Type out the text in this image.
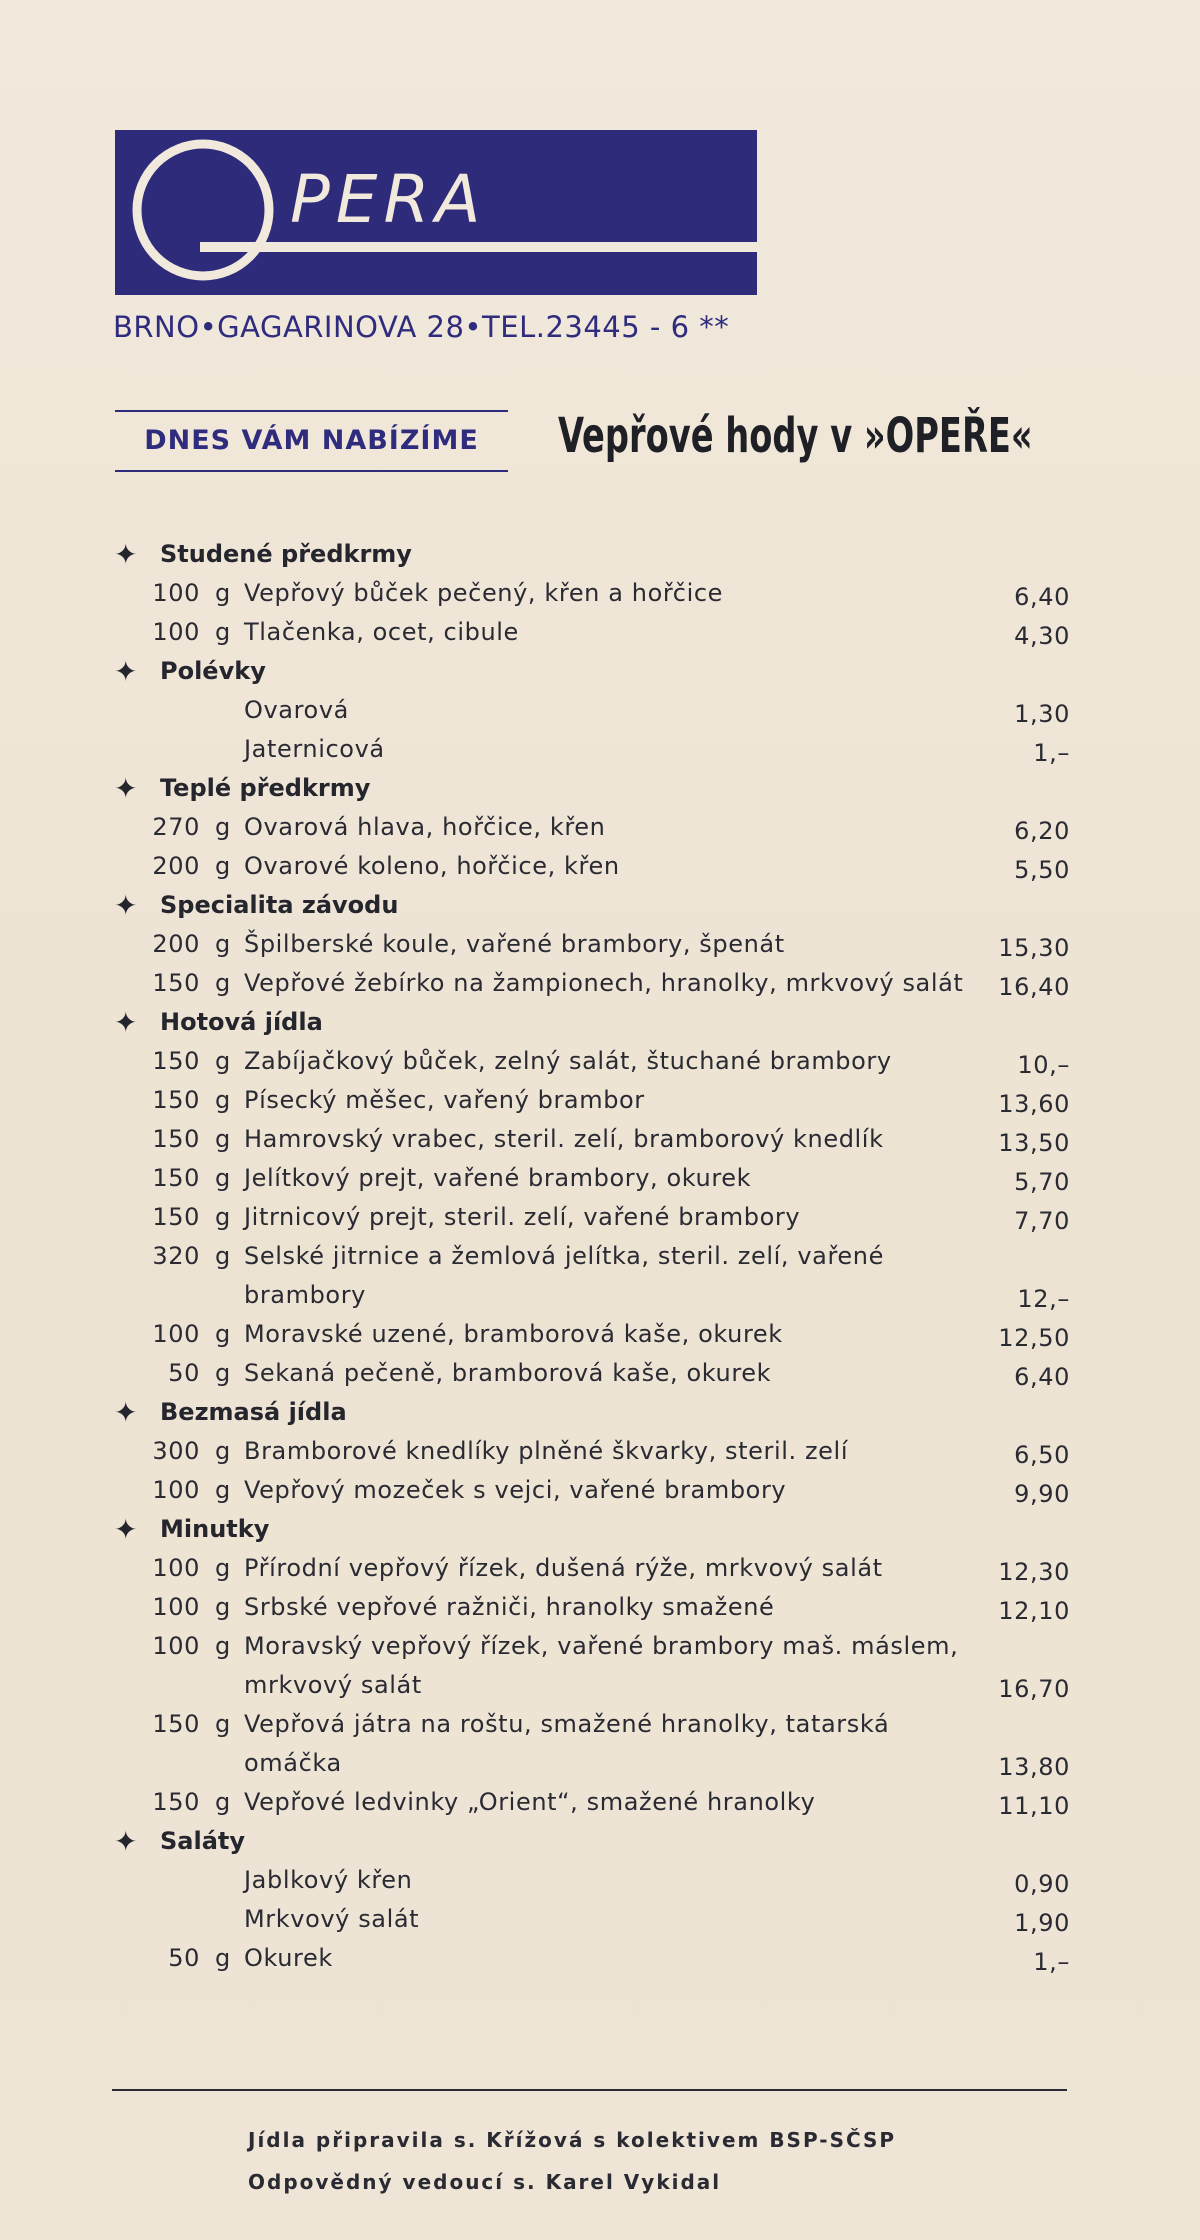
PERA
BRNO•GAGARINOVA 28•TEL.23445 - 6 **
DNES VÁM NABÍZÍME	Vepřové hody v »OPEŘE«
✦ Studené předkrmy
100 g Vepřový bůček pečený, křen a hořčice	6,40
100 g Tlačenka, ocet, cibule	4,30
✦ Polévky
Ovarová	1,30
Jaternicová	1,–
✦ Teplé předkrmy
270 g Ovarová hlava, hořčice, křen	6,20
200 g Ovarové koleno, hořčice, křen	5,50
✦ Specialita závodu
200 g Špilberské koule, vařené brambory, špenát	15,30
150 g Vepřové žebírko na žampionech, hranolky, mrkvový salát	16,40
✦ Hotová jídla
150 g Zabíjačkový bůček, zelný salát, štuchané brambory	10,–
150 g Písecký měšec, vařený brambor	13,60
150 g Hamrovský vrabec, steril. zelí, bramborový knedlík	13,50
150 g Jelítkový prejt, vařené brambory, okurek	5,70
150 g Jitrnicový prejt, steril. zelí, vařené brambory	7,70
320 g Selské jitrnice a žemlová jelítka, steril. zelí, vařené brambory	12,–
100 g Moravské uzené, bramborová kaše, okurek	12,50
50 g Sekaná pečeně, bramborová kaše, okurek	6,40
✦ Bezmasá jídla
300 g Bramborové knedlíky plněné škvarky, steril. zelí	6,50
100 g Vepřový mozeček s vejci, vařené brambory	9,90
✦ Minutky
100 g Přírodní vepřový řízek, dušená rýže, mrkvový salát	12,30
100 g Srbské vepřové ražniči, hranolky smažené	12,10
100 g Moravský vepřový řízek, vařené brambory maš. máslem, mrkvový salát	16,70
150 g Vepřová játra na roštu, smažené hranolky, tatarská omáčka	13,80
150 g Vepřové ledvinky „Orient“, smažené hranolky	11,10
✦ Saláty
Jablkový křen	0,90
Mrkvový salát	1,90
50 g Okurek	1,–
Jídla připravila s. Křížová s kolektivem BSP-SČSP
Odpovědný vedoucí s. Karel Vykidal
